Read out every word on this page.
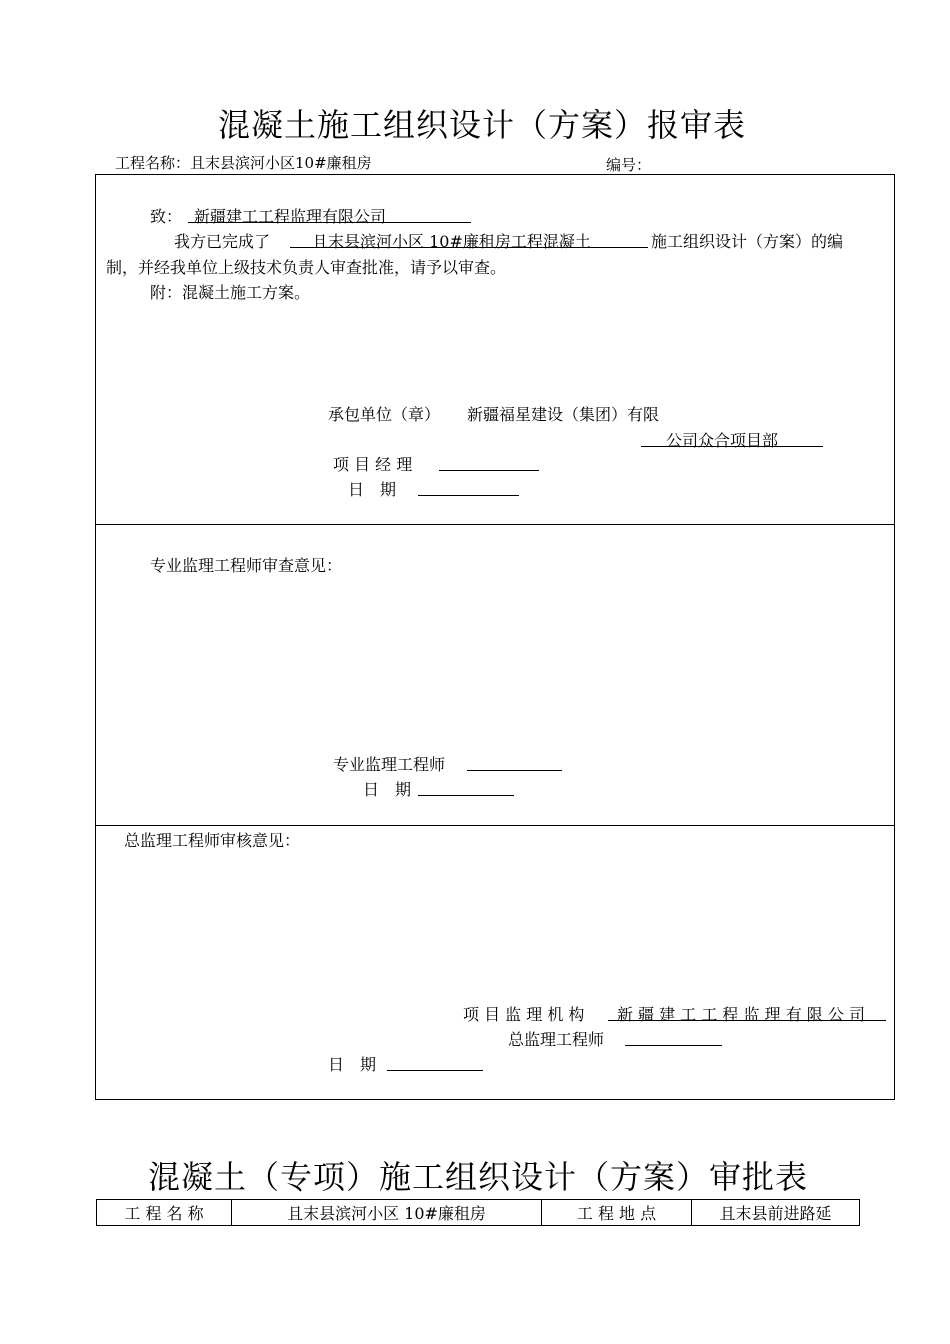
混凝土施工组织设计（方案）报审表
工程名称：且末县滨河小区10#廉租房	编号：
致： 新疆建工工程监理有限公司
我方已完成了	且末县滨河小区 10#廉租房工程混凝土	施工组织设计（方案）的编
制，并经我单位上级技术负责人审查批准，请予以审查。
附：混凝土施工方案。
承包单位（章） 新疆福星建设（集团）有限
公司众合项目部
项 目 经 理
日　期
专业监理工程师审查意见：
专业监理工程师
日　期
总监理工程师审核意见：
项 目 监 理 机 构 新 疆 建 工 工 程 监 理 有 限 公 司
总监理工程师
日　期
混凝土（专项）施工组织设计（方案）审批表
工 程 名 称	且末县滨河小区 10#廉租房	工 程 地 点	且末县前进路延
